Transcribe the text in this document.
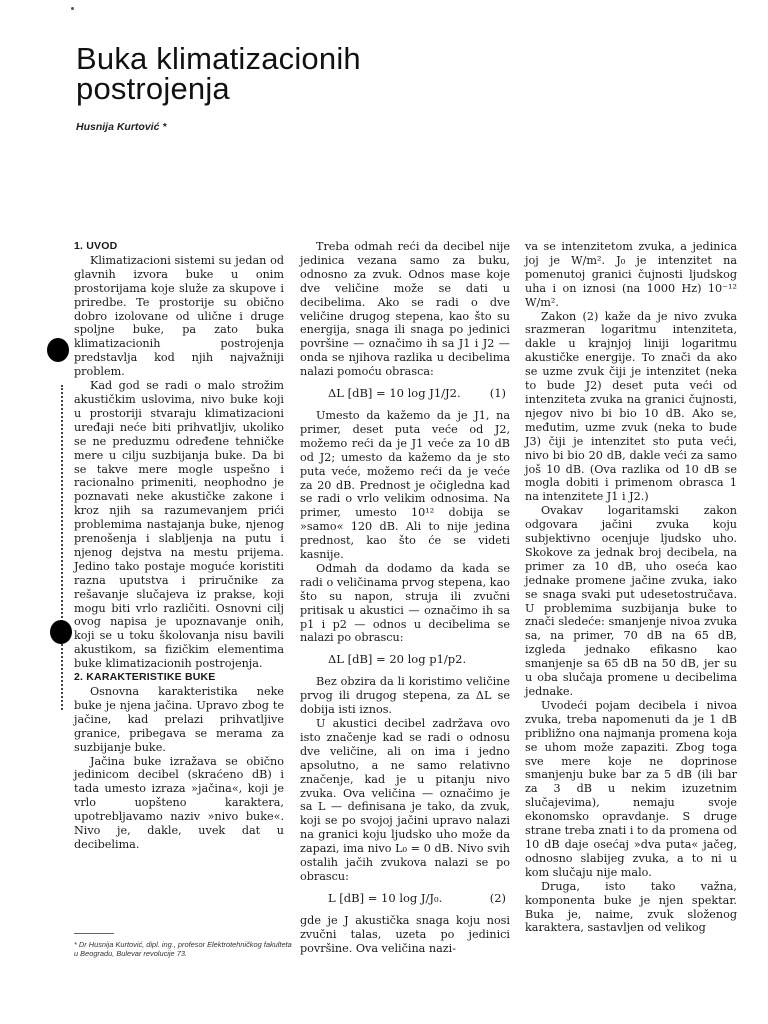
Buka klimatizacionih postrojenja

Husnija Kurtović *

1. UVOD

Klimatizacioni sistemi su jedan od glavnih izvora buke u onim prostorijama koje služe za skupove i priredbe. Te prostorije su obično dobro izolovane od ulične i druge spoljne buke, pa zato buka klimatizacionih postrojenja predstavlja kod njih najvažniji problem.

Kad god se radi o malo strožim akustičkim uslovima, nivo buke koji u prostoriji stvaraju klimatizacioni uređaji neće biti prihvatljiv, ukoliko se ne preduzmu određene tehničke mere u cilju suzbijanja buke. Da bi se takve mere mogle uspešno i racionalno primeniti, neophodno je poznavati neke akustičke zakone i kroz njih sa razumevanjem prići problemima nastajanja buke, njenog prenošenja i slabljenja na putu i njenog dejstva na mestu prijema. Jedino tako postaje moguće koristiti razna uputstva i priručnike za rešavanje slučajeva iz prakse, koji mogu biti vrlo različiti. Osnovni cilj ovog napisa je upoznavanje onih, koji se u toku školovanja nisu bavili akustikom, sa fizičkim elementima buke klimatizacionih postrojenja.

2. KARAKTERISTIKE BUKE

Osnovna karakteristika neke buke je njena jačina. Upravo zbog te jačine, kad prelazi prihvatljive granice, pribegava se merama za suzbijanje buke.

Jačina buke izražava se obično jedinicom decibel (skraćeno dB) i tada umesto izraza »jačina«, koji je vrlo uopšteno karaktera, upotrebljavamo naziv »nivo buke«. Nivo je, dakle, uvek dat u decibelima.

Treba odmah reći da decibel nije jedinica vezana samo za buku, odnosno za zvuk. Odnos mase koje dve veličine može se dati u decibelima. Ako se radi o dve veličine drugog stepena, kao što su energija, snaga ili snaga po jedinici površine — označimo ih sa J1 i J2 — onda se njihova razlika u decibelima nalazi pomoću obrasca:

ΔL [dB] = 10 log J1/J2.	(1)

Umesto da kažemo da je J1, na primer, deset puta veće od J2, možemo reći da je J1 veće za 10 dB od J2; umesto da kažemo da je sto puta veće, možemo reći da je veće za 20 dB. Prednost je očigledna kad se radi o vrlo velikim odnosima. Na primer, umesto 10¹² dobija se »samo« 120 dB. Ali to nije jedina prednost, kao što će se videti kasnije.

Odmah da dodamo da kada se radi o veličinama prvog stepena, kao što su napon, struja ili zvučni pritisak u akustici — označimo ih sa p1 i p2 — odnos u decibelima se nalazi po obrascu:

ΔL [dB] = 20 log p1/p2.

Bez obzira da li koristimo veličine prvog ili drugog stepena, za ΔL se dobija isti iznos.

U akustici decibel zadržava ovo isto značenje kad se radi o odnosu dve veličine, ali on ima i jedno apsolutno, a ne samo relativno značenje, kad je u pitanju nivo zvuka. Ova veličina — označimo je sa L — definisana je tako, da zvuk, koji se po svojoj jačini upravo nalazi na granici koju ljudsko uho može da zapazi, ima nivo L₀ = 0 dB. Nivo svih ostalih jačih zvukova nalazi se po obrascu:

L [dB] = 10 log J/J₀.	(2)

gde je J akustička snaga koju nosi zvučni talas, uzeta po jedinici površine. Ova veličina nazi-

va se intenzitetom zvuka, a jedinica joj je W/m². J₀ je intenzitet na pomenutoj granici čujnosti ljudskog uha i on iznosi (na 1000 Hz) 10⁻¹² W/m².

Zakon (2) kaže da je nivo zvuka srazmeran logaritmu intenziteta, dakle u krajnjoj liniji logaritmu akustičke energije. To znači da ako se uzme zvuk čiji je intenzitet (neka to bude J2) deset puta veći od intenziteta zvuka na granici čujnosti, njegov nivo bi bio 10 dB. Ako se, međutim, uzme zvuk (neka to bude J3) čiji je intenzitet sto puta veći, nivo bi bio 20 dB, dakle veći za samo još 10 dB. (Ova razlika od 10 dB se mogla dobiti i primenom obrasca 1 na intenzitete J1 i J2.)

Ovakav logaritamski zakon odgovara jačini zvuka koju subjektivno ocenjuje ljudsko uho. Skokove za jednak broj decibela, na primer za 10 dB, uho oseća kao jednake promene jačine zvuka, iako se snaga svaki put udesetostručava. U problemima suzbijanja buke to znači sledeće: smanjenje nivoa zvuka sa, na primer, 70 dB na 65 dB, izgleda jednako efikasno kao smanjenje sa 65 dB na 50 dB, jer su u oba slučaja promene u decibelima jednake.

Uvodeći pojam decibela i nivoa zvuka, treba napomenuti da je 1 dB približno ona najmanja promena koja se uhom može zapaziti. Zbog toga sve mere koje ne doprinose smanjenju buke bar za 5 dB (ili bar za 3 dB u nekim izuzetnim slučajevima), nemaju svoje ekonomsko opravdanje. S druge strane treba znati i to da promena od 10 dB daje osećaj »dva puta« jačeg, odnosno slabijeg zvuka, a to ni u kom slučaju nije malo.

Druga, isto tako važna, komponenta buke je njen spektar. Buka je, naime, zvuk složenog karaktera, sastavljen od velikog

* Dr Husnija Kurtović, dipl. ing., profesor Elektrotehničkog fakulteta u Beogradu, Bulevar revolucije 73.
